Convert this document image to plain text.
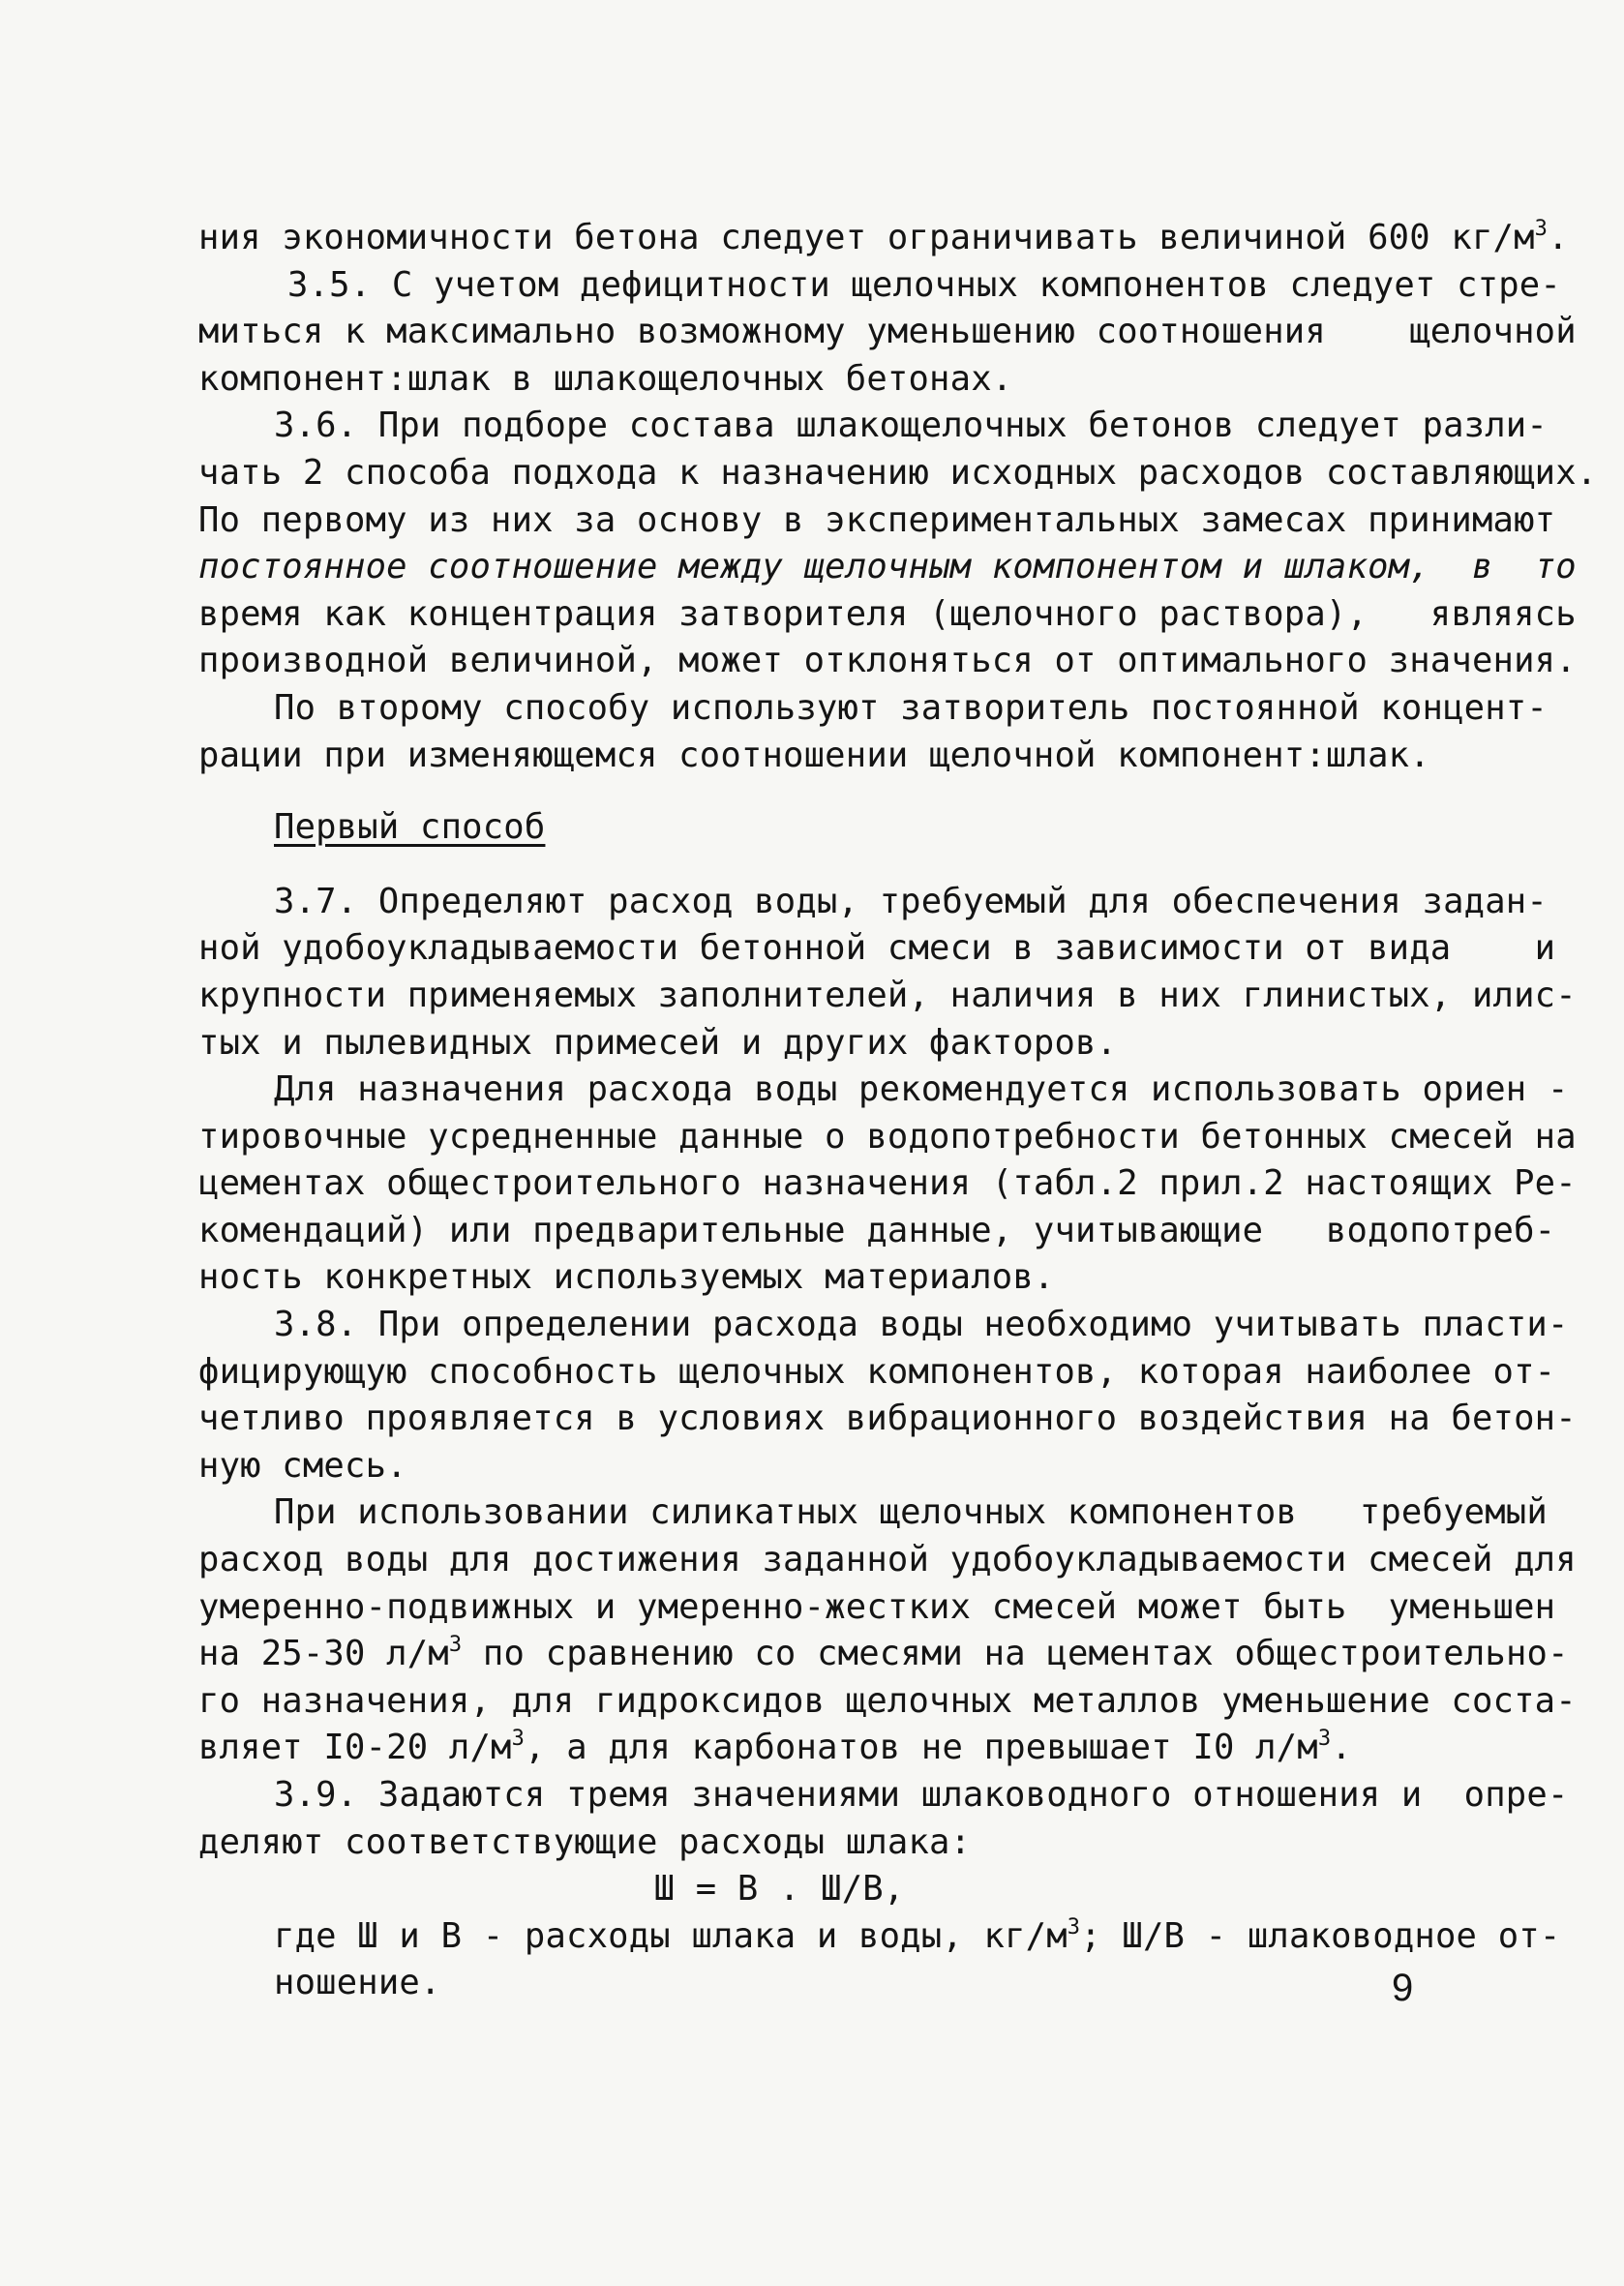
ния экономичности бетона следует ограничивать величиной 600 $кг/м^3$.
3.5. С учетом дефицитности щелочных компонентов следует стре-
миться к максимально возможному уменьшению соотношения    щелочной
компонент:шлак в шлакощелочных бетонах.
3.6. При подборе состава шлакощелочных бетонов следует разли-
чать 2 способа подхода к назначению исходных расходов составляющих.
По первому из них за основу в экспериментальных замесах принимают
постоянное соотношение между щелочным компонентом и шлаком,  в  то
время как концентрация затворителя (щелочного раствора),   являясь
производной величиной, может отклоняться от оптимального значения.
По второму способу используют затворитель постоянной концент-
рации при изменяющемся соотношении щелочной компонент:шлак.
Первый способ
3.7. Определяют расход воды, требуемый для обеспечения задан-
ной удобоукладываемости бетонной смеси в зависимости от вида    и
крупности применяемых заполнителей, наличия в них глинистых, илис-
тых и пылевидных примесей и других факторов.
Для назначения расхода воды рекомендуется использовать ориен -
тировочные усредненные данные о водопотребности бетонных смесей на
цементах общестроительного назначения (табл.2 прил.2 настоящих Ре-
комендаций) или предварительные данные, учитывающие   водопотреб-
ность конкретных используемых материалов.
3.8. При определении расхода воды необходимо учитывать пласти-
фицирующую способность щелочных компонентов, которая наиболее от-
четливо проявляется в условиях вибрационного воздействия на бетон-
ную смесь.
При использовании силикатных щелочных компонентов   требуемый
расход воды для достижения заданной удобоукладываемости смесей для
умеренно-подвижных и умеренно-жестких смесей может быть  уменьшен
на 25-30 $л/м^3$ по сравнению со смесями на цементах общестроительно-
го назначения, для гидроксидов щелочных металлов уменьшение соста-
вляет I0-20 $л/м^3$, а для карбонатов не превышает I0 $л/м^3$.
3.9. Задаются тремя значениями шлаководного отношения и  опре-
деляют соответствующие расходы шлака:
Ш = В . Ш/В,
где Ш и В - расходы шлака и воды, $кг/м^3$; Ш/В - шлаководное от-
ношение.	9
